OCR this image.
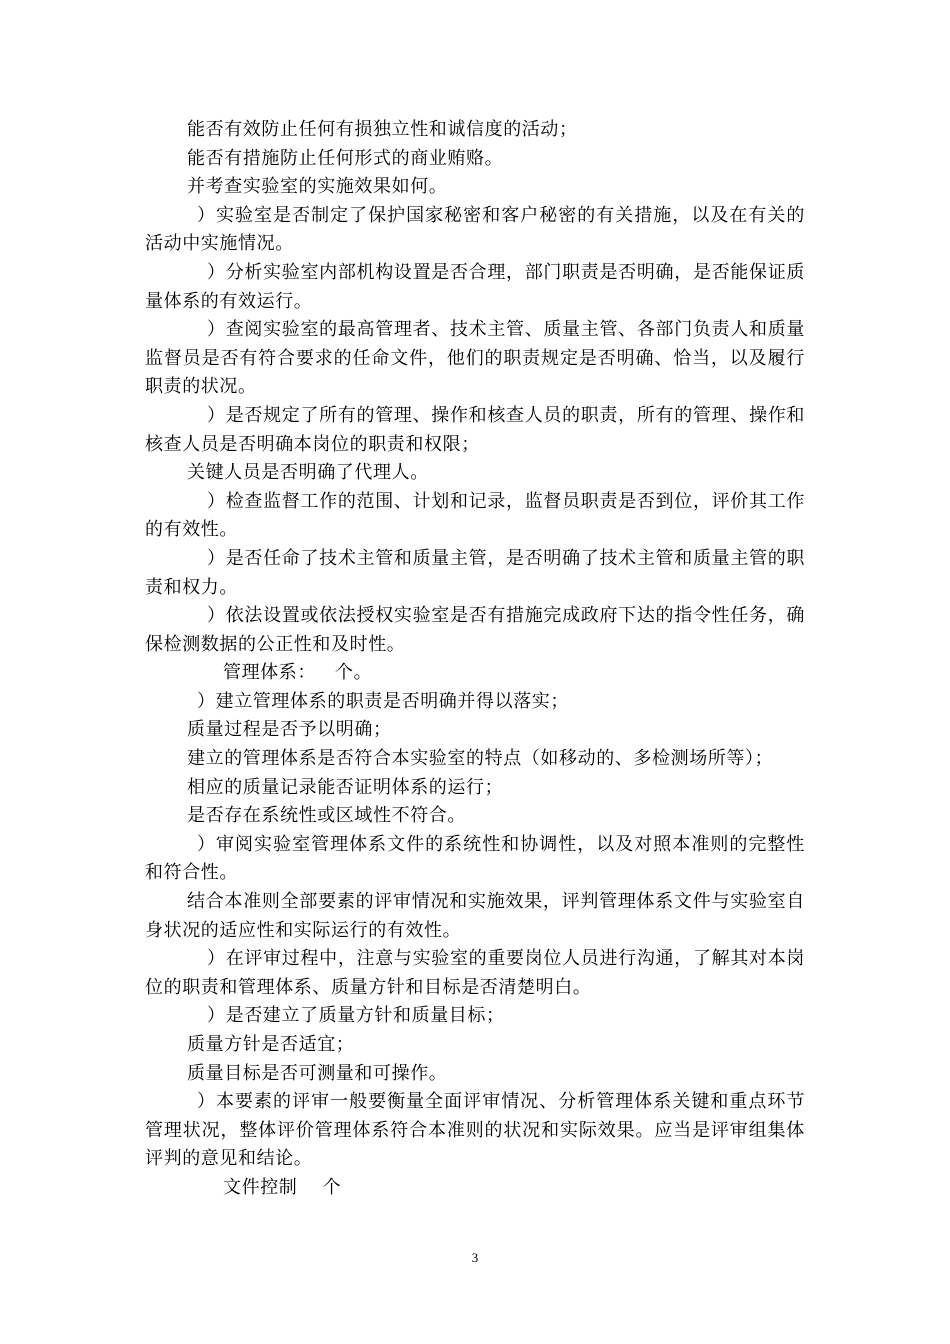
能否有效防止任何有损独立性和诚信度的活动；

能否有措施防止任何形式的商业贿赂。

并考查实验室的实施效果如何。

）实验室是否制定了保护国家秘密和客户秘密的有关措施，以及在有关的活动中实施情况。

）分析实验室内部机构设置是否合理，部门职责是否明确，是否能保证质量体系的有效运行。

）查阅实验室的最高管理者、技术主管、质量主管、各部门负责人和质量监督员是否有符合要求的任命文件，他们的职责规定是否明确、恰当，以及履行职责的状况。

）是否规定了所有的管理、操作和核查人员的职责，所有的管理、操作和核查人员是否明确本岗位的职责和权限；

关键人员是否明确了代理人。

）检查监督工作的范围、计划和记录，监督员职责是否到位，评价其工作的有效性。

）是否任命了技术主管和质量主管，是否明确了技术主管和质量主管的职责和权力。

）依法设置或依法授权实验室是否有措施完成政府下达的指令性任务，确保检测数据的公正性和及时性。

管理体系：   个。

）建立管理体系的职责是否明确并得以落实；

质量过程是否予以明确；

建立的管理体系是否符合本实验室的特点（如移动的、多检测场所等）；

相应的质量记录能否证明体系的运行；

是否存在系统性或区域性不符合。

）审阅实验室管理体系文件的系统性和协调性，以及对照本准则的完整性和符合性。

结合本准则全部要素的评审情况和实施效果，评判管理体系文件与实验室自身状况的适应性和实际运行的有效性。

）在评审过程中，注意与实验室的重要岗位人员进行沟通，了解其对本岗位的职责和管理体系、质量方针和目标是否清楚明白。

）是否建立了质量方针和质量目标；

质量方针是否适宜；

质量目标是否可测量和可操作。

）本要素的评审一般要衡量全面评审情况、分析管理体系关键和重点环节管理状况，整体评价管理体系符合本准则的状况和实际效果。应当是评审组集体评判的意见和结论。

文件控制    个

3
